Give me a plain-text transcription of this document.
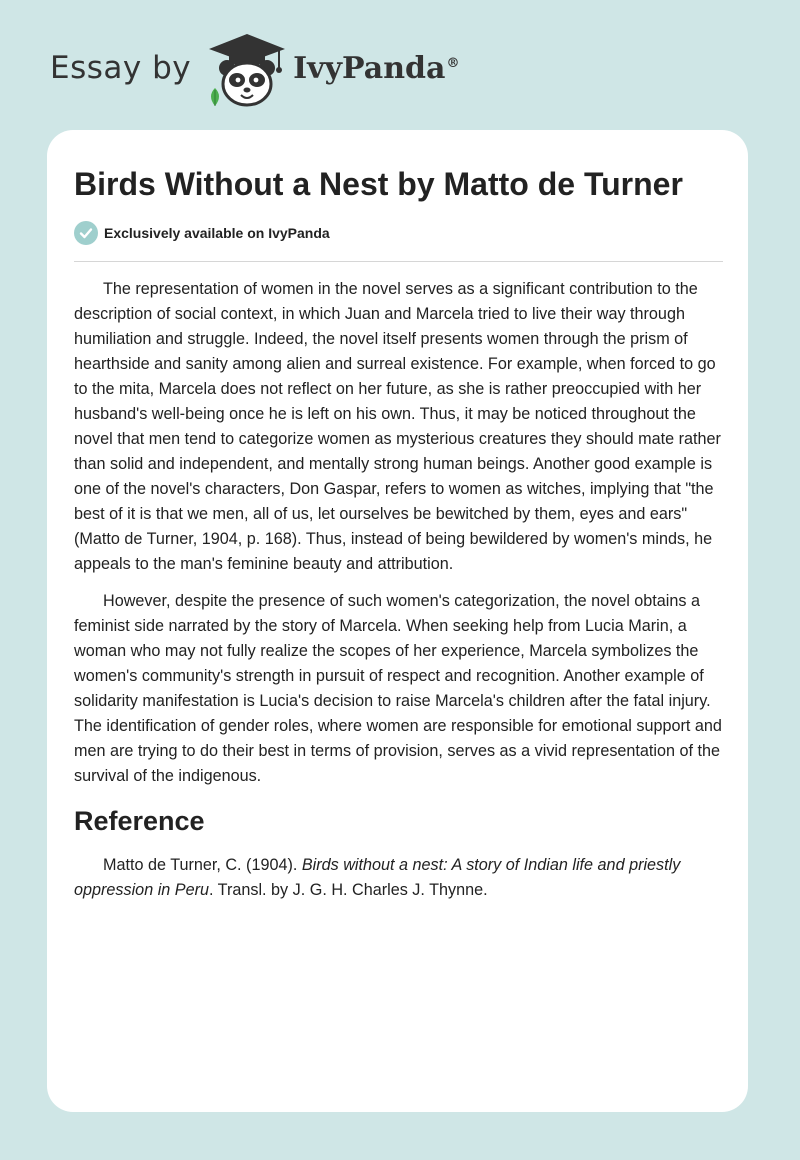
Essay by	IvyPanda®
Birds Without a Nest by Matto de Turner
Exclusively available on IvyPanda

The representation of women in the novel serves as a significant contribution to the description of social context, in which Juan and Marcela tried to live their way through humiliation and struggle. Indeed, the novel itself presents women through the prism of hearthside and sanity among alien and surreal existence. For example, when forced to go to the mita, Marcela does not reflect on her future, as she is rather preoccupied with her husband's well-being once he is left on his own. Thus, it may be noticed throughout the novel that men tend to categorize women as mysterious creatures they should mate rather than solid and independent, and mentally strong human beings. Another good example is one of the novel's characters, Don Gaspar, refers to women as witches, implying that "the best of it is that we men, all of us, let ourselves be bewitched by them, eyes and ears" (Matto de Turner, 1904, p. 168). Thus, instead of being bewildered by women's minds, he appeals to the man's feminine beauty and attribution.

However, despite the presence of such women's categorization, the novel obtains a feminist side narrated by the story of Marcela. When seeking help from Lucia Marin, a woman who may not fully realize the scopes of her experience, Marcela symbolizes the women's community's strength in pursuit of respect and recognition. Another example of solidarity manifestation is Lucia's decision to raise Marcela's children after the fatal injury. The identification of gender roles, where women are responsible for emotional support and men are trying to do their best in terms of provision, serves as a vivid representation of the survival of the indigenous.

Reference

Matto de Turner, C. (1904). Birds without a nest: A story of Indian life and priestly oppression in Peru. Transl. by J. G. H. Charles J. Thynne.
